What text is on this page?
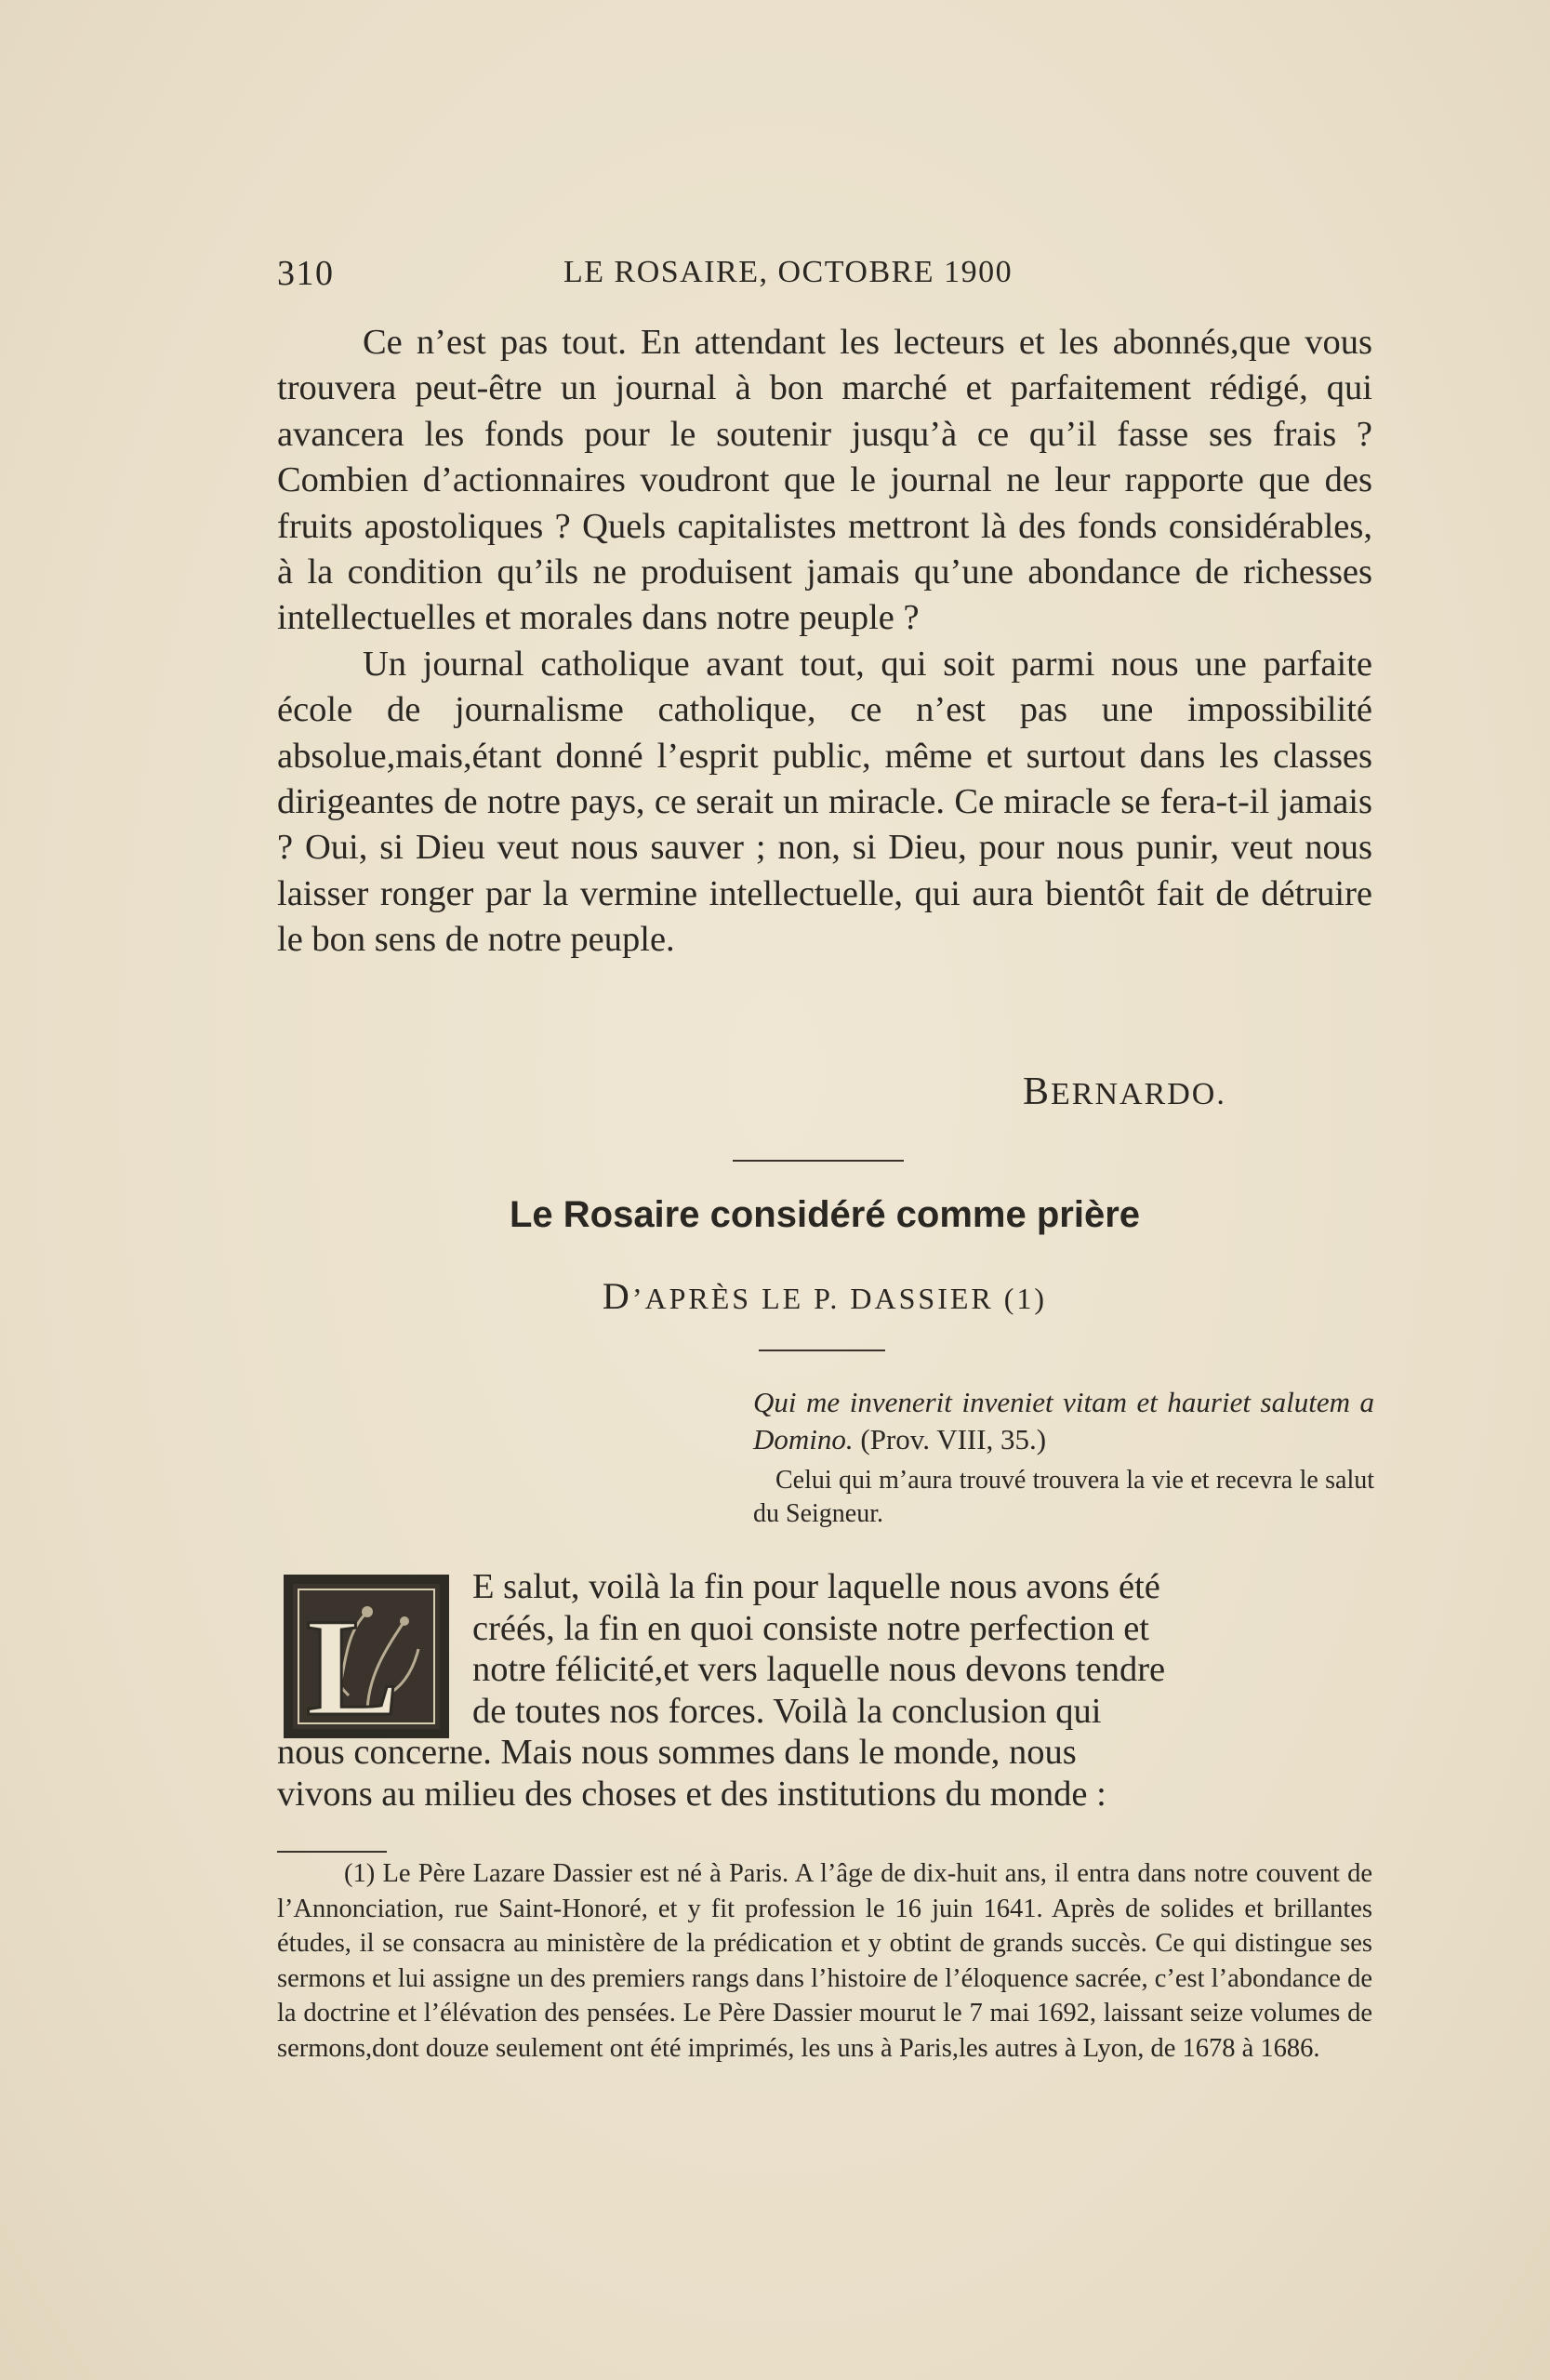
310	LE ROSAIRE, OCTOBRE 1900

Ce n’est pas tout. En attendant les lecteurs et les abonnés,que vous trouvera peut-être un journal à bon marché et parfaitement rédigé, qui avancera les fonds pour le soutenir jusqu’à ce qu’il fasse ses frais ? Combien d’actionnaires voudront que le journal ne leur rapporte que des fruits apostoliques ? Quels capitalistes mettront là des fonds considérables, à la condition qu’ils ne produisent jamais qu’une abondance de richesses intellectuelles et morales dans notre peuple ?

Un journal catholique avant tout, qui soit parmi nous une parfaite école de journalisme catholique, ce n’est pas une impossibilité absolue,mais,étant donné l’esprit public, même et surtout dans les classes dirigeantes de notre pays, ce serait un miracle. Ce miracle se fera-t-il jamais ? Oui, si Dieu veut nous sauver ; non, si Dieu, pour nous punir, veut nous laisser ronger par la vermine intellectuelle, qui aura bientôt fait de détruire le bon sens de notre peuple.

BERNARDO.
Le Rosaire considéré comme prière
D’APRÈS LE P. DASSIER (1)

Qui me invenerit inveniet vitam et hauriet salutem a Domino. (Prov. VIII, 35.)

Celui qui m’aura trouvé trouvera la vie et recevra le salut du Seigneur.

L
E salut, voilà la fin pour laquelle nous avons été
créés, la fin en quoi consiste notre perfection et
notre félicité,et vers laquelle nous devons tendre
de toutes nos forces. Voilà la conclusion qui
nous concerne. Mais nous sommes dans le monde, nous
vivons au milieu des choses et des institutions du monde :

(1) Le Père Lazare Dassier est né à Paris. A l’âge de dix-huit ans, il entra dans notre couvent de l’Annonciation, rue Saint-Honoré, et y fit profession le 16 juin 1641. Après de solides et brillantes études, il se consacra au ministère de la prédication et y obtint de grands succès. Ce qui distingue ses sermons et lui assigne un des premiers rangs dans l’histoire de l’éloquence sacrée, c’est l’abondance de la doctrine et l’élévation des pensées. Le Père Dassier mourut le 7 mai 1692, laissant seize volumes de sermons,dont douze seulement ont été imprimés, les uns à Paris,les autres à Lyon, de 1678 à 1686.
